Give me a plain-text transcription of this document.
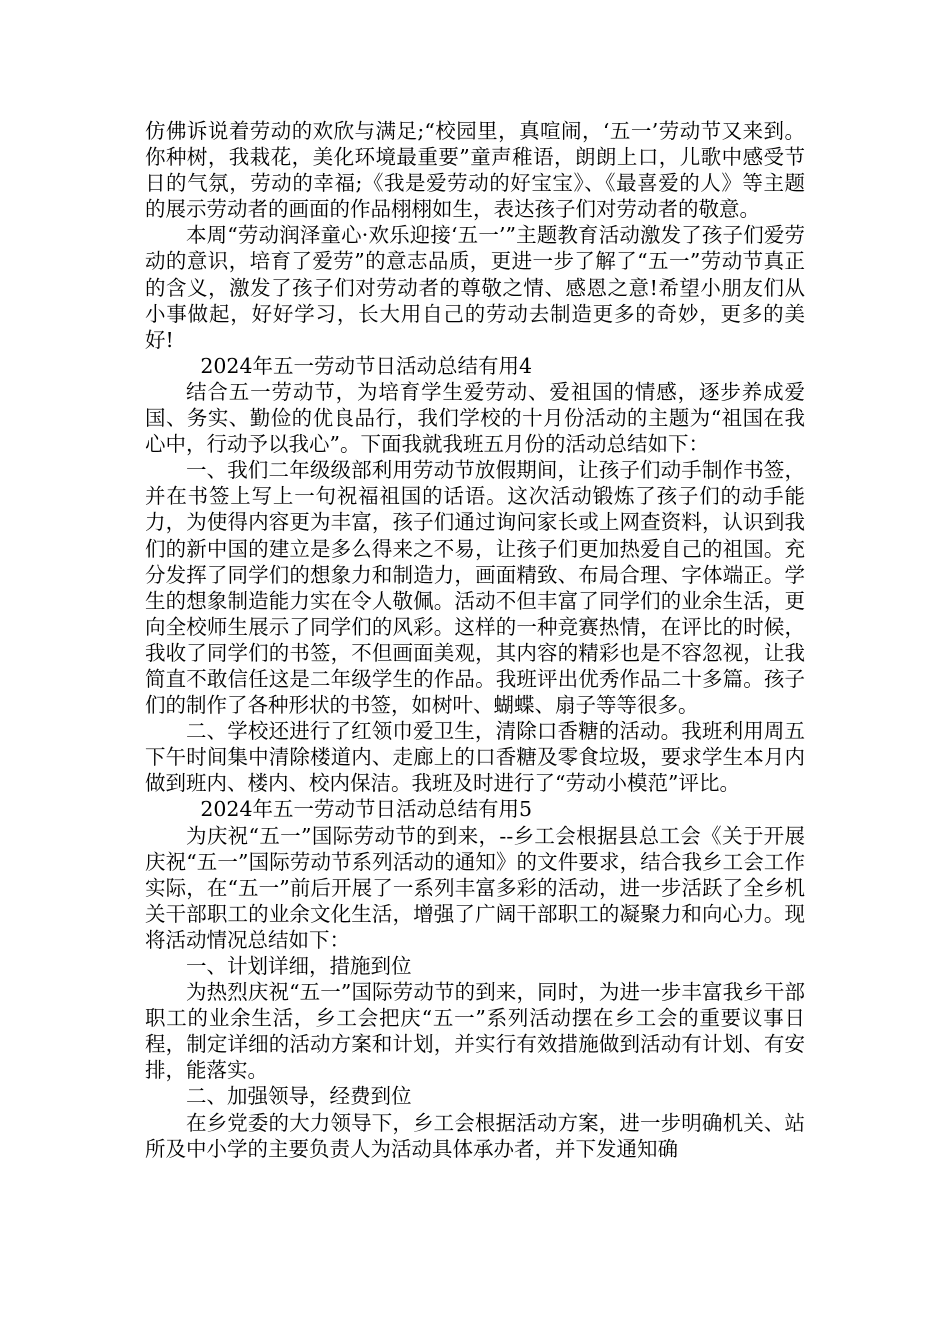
仿佛诉说着劳动的欢欣与满足;“校园里，真喧闹，‘五一’劳动节又来到。你种树，我栽花，美化环境最重要”童声稚语，朗朗上口，儿歌中感受节日的气氛，劳动的幸福;《我是爱劳动的好宝宝》、《最喜爱的人》等主题的展示劳动者的画面的作品栩栩如生，表达孩子们对劳动者的敬意。

本周“劳动润泽童心·欢乐迎接‘五一’”主题教育活动激发了孩子们爱劳动的意识，培育了爱劳”的意志品质，更进一步了解了“五一”劳动节真正的含义，激发了孩子们对劳动者的尊敬之情、感恩之意!希望小朋友们从小事做起，好好学习，长大用自己的劳动去制造更多的奇妙，更多的美好!

2024年五一劳动节日活动总结有用4

结合五一劳动节，为培育学生爱劳动、爱祖国的情感，逐步养成爱国、务实、勤俭的优良品行，我们学校的十月份活动的主题为“祖国在我心中，行动予以我心”。下面我就我班五月份的活动总结如下：

一、我们二年级级部利用劳动节放假期间，让孩子们动手制作书签，并在书签上写上一句祝福祖国的话语。这次活动锻炼了孩子们的动手能力，为使得内容更为丰富，孩子们通过询问家长或上网查资料，认识到我们的新中国的建立是多么得来之不易，让孩子们更加热爱自己的祖国。充分发挥了同学们的想象力和制造力，画面精致、布局合理、字体端正。学生的想象制造能力实在令人敬佩。活动不但丰富了同学们的业余生活，更向全校师生展示了同学们的风彩。这样的一种竞赛热情，在评比的时候，我收了同学们的书签，不但画面美观，其内容的精彩也是不容忽视，让我简直不敢信任这是二年级学生的作品。我班评出优秀作品二十多篇。孩子们的制作了各种形状的书签，如树叶、蝴蝶、扇子等等很多。

二、学校还进行了红领巾爱卫生，清除口香糖的活动。我班利用周五下午时间集中清除楼道内、走廊上的口香糖及零食垃圾，要求学生本月内做到班内、楼内、校内保洁。我班及时进行了“劳动小模范”评比。

2024年五一劳动节日活动总结有用5

为庆祝“五一”国际劳动节的到来，--乡工会根据县总工会《关于开展庆祝“五一”国际劳动节系列活动的通知》的文件要求，结合我乡工会工作实际，在“五一”前后开展了一系列丰富多彩的活动，进一步活跃了全乡机关干部职工的业余文化生活，增强了广阔干部职工的凝聚力和向心力。现将活动情况总结如下：

一、计划详细，措施到位

为热烈庆祝“五一”国际劳动节的到来，同时，为进一步丰富我乡干部职工的业余生活，乡工会把庆“五一”系列活动摆在乡工会的重要议事日程，制定详细的活动方案和计划，并实行有效措施做到活动有计划、有安排，能落实。

二、加强领导，经费到位

在乡党委的大力领导下，乡工会根据活动方案，进一步明确机关、站所及中小学的主要负责人为活动具体承办者，并下发通知确
